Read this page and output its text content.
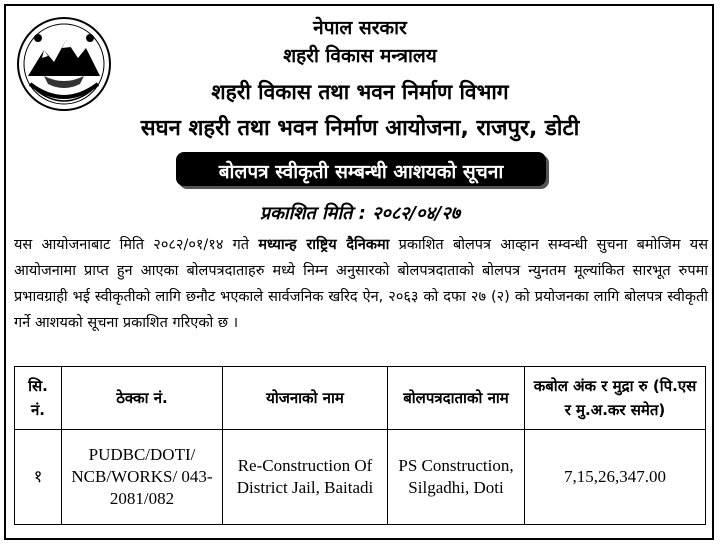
नेपाल सरकार
शहरी विकास मन्त्रालय
शहरी विकास तथा भवन निर्माण विभाग
सघन शहरी तथा भवन निर्माण आयोजना, राजपुर, डोटी
बोलपत्र स्वीकृती सम्बन्धी आशयको सूचना
प्रकाशित मिति : २०८२/०४/२७
यस आयोजनाबाट मिति २०८२/०१/१४ गते मध्यान्ह राष्ट्रिय दैनिकमा प्रकाशित बोलपत्र आव्हान सम्वन्धी सुचना बमोजिम यस आयोजनामा प्राप्त हुन आएका बोलपत्रदाताहरु मध्ये निम्न अनुसारको बोलपत्रदाताको बोलपत्र न्युनतम मूल्यांकित सारभूत रुपमा प्रभावग्राही भई स्वीकृतीको लागि छनौट भएकाले सार्वजनिक खरिद ऐन, २०६३ को दफा २७ (२) को प्रयोजनका लागि बोलपत्र स्वीकृती गर्ने आशयको सूचना प्रकाशित गरिएको छ ।
सि. नं.	ठेक्का नं.	योजनाको नाम	बोलपत्रदाताको नाम	कबोल अंक र मुद्रा रु (पि.एस र मु.अ.कर समेत)
१	PUDBC/DOTI/ NCB/WORKS/ 043-2081/082	Re-Construction Of District Jail, Baitadi	PS Construction, Silgadhi, Doti	7,15,26,347.00
